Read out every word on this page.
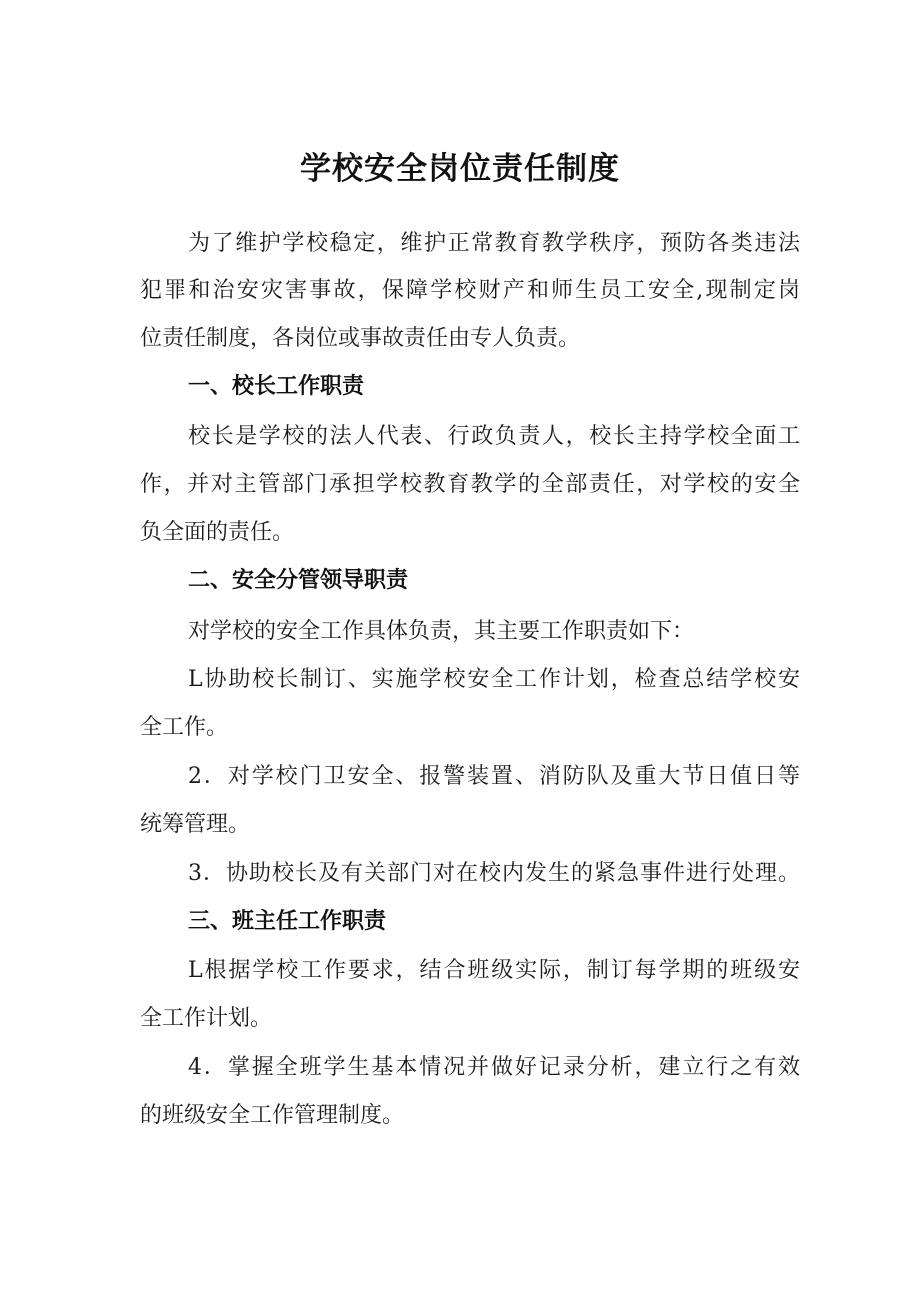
学校安全岗位责任制度
为了维护学校稳定，维护正常教育教学秩序，预防各类违法
犯罪和治安灾害事故，保障学校财产和师生员工安全,现制定岗
位责任制度，各岗位或事故责任由专人负责。
一、校长工作职责
校长是学校的法人代表、行政负责人，校长主持学校全面工
作，并对主管部门承担学校教育教学的全部责任，对学校的安全
负全面的责任。
二、安全分管领导职责
对学校的安全工作具体负责，其主要工作职责如下：
L协助校长制订、实施学校安全工作计划，检查总结学校安
全工作。
2．对学校门卫安全、报警装置、消防队及重大节日值日等
统筹管理。
3．协助校长及有关部门对在校内发生的紧急事件进行处理。
三、班主任工作职责
L根据学校工作要求，结合班级实际，制订每学期的班级安
全工作计划。
4．掌握全班学生基本情况并做好记录分析，建立行之有效
的班级安全工作管理制度。
